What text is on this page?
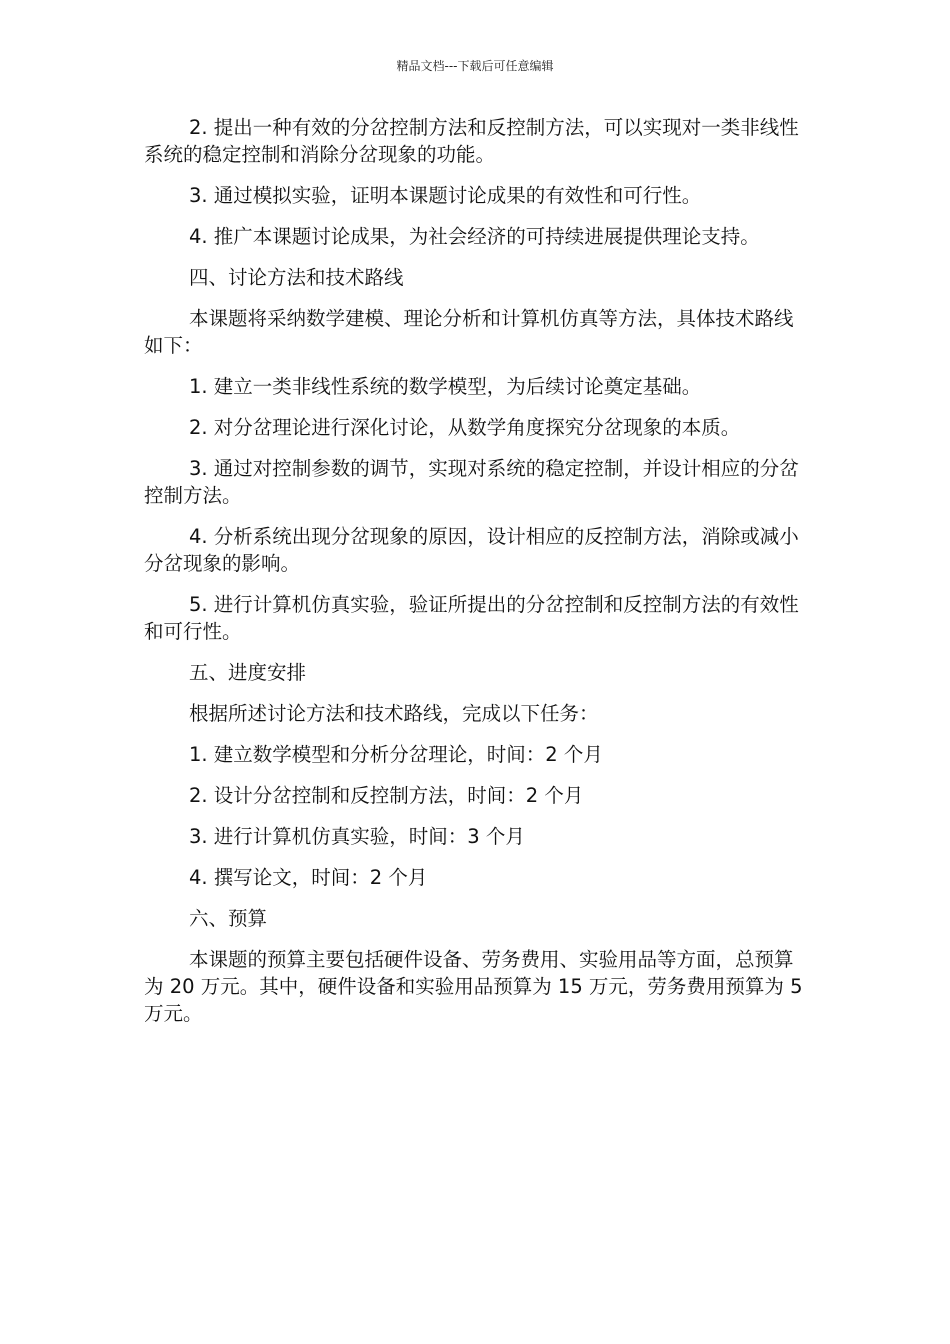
精品文档---下载后可任意编辑

2. 提出一种有效的分岔控制方法和反控制方法，可以实现对一类非线性系统的稳定控制和消除分岔现象的功能。

3. 通过模拟实验，证明本课题讨论成果的有效性和可行性。

4. 推广本课题讨论成果，为社会经济的可持续进展提供理论支持。

四、讨论方法和技术路线

本课题将采纳数学建模、理论分析和计算机仿真等方法，具体技术路线如下：

1. 建立一类非线性系统的数学模型，为后续讨论奠定基础。

2. 对分岔理论进行深化讨论，从数学角度探究分岔现象的本质。

3. 通过对控制参数的调节，实现对系统的稳定控制，并设计相应的分岔控制方法。

4. 分析系统出现分岔现象的原因，设计相应的反控制方法，消除或减小分岔现象的影响。

5. 进行计算机仿真实验，验证所提出的分岔控制和反控制方法的有效性和可行性。

五、进度安排

根据所述讨论方法和技术路线，完成以下任务：

1. 建立数学模型和分析分岔理论，时间：2 个月

2. 设计分岔控制和反控制方法，时间：2 个月

3. 进行计算机仿真实验，时间：3 个月

4. 撰写论文，时间：2 个月

六、预算

本课题的预算主要包括硬件设备、劳务费用、实验用品等方面，总预算为 20 万元。其中，硬件设备和实验用品预算为 15 万元，劳务费用预算为 5 万元。
